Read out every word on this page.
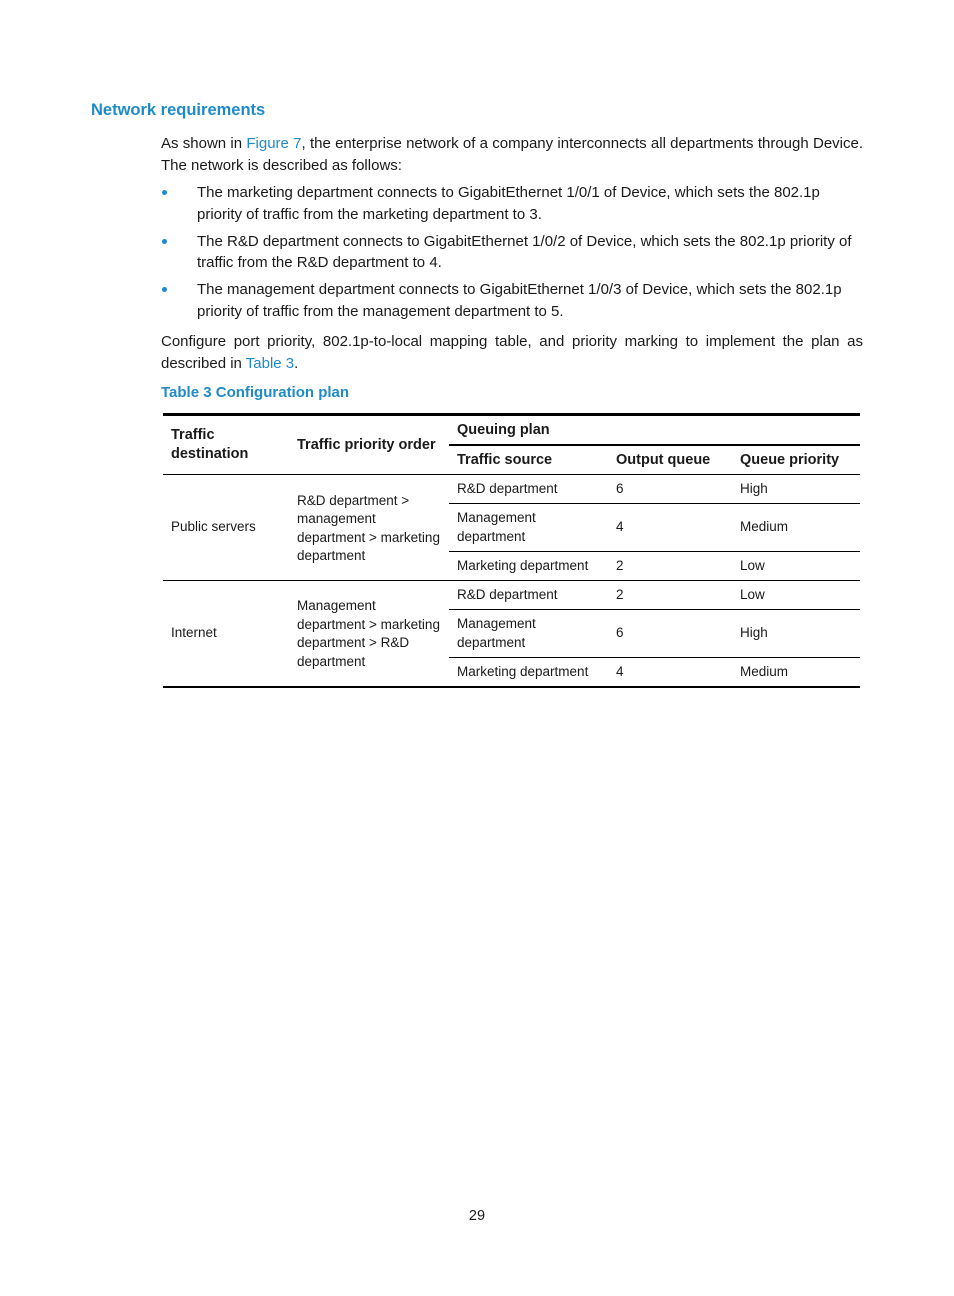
Network requirements

As shown in Figure 7, the enterprise network of a company interconnects all departments through Device. The network is described as follows:

The marketing department connects to GigabitEthernet 1/0/1 of Device, which sets the 802.1p priority of traffic from the marketing department to 3.
The R&D department connects to GigabitEthernet 1/0/2 of Device, which sets the 802.1p priority of traffic from the R&D department to 4.
The management department connects to GigabitEthernet 1/0/3 of Device, which sets the 802.1p priority of traffic from the management department to 5.

Configure port priority, 802.1p-to-local mapping table, and priority marking to implement the plan as described in Table 3.

Table 3 Configuration plan

Traffic destination	Traffic priority order	Queuing plan		
		Traffic source	Output queue	Queue priority
Public servers	R&D department > management department > marketing department	R&D department	6	High
		Management department	4	Medium
		Marketing department	2	Low
Internet	Management department > marketing department > R&D department	R&D department	2	Low
		Management department	6	High
		Marketing department	4	Medium

29
